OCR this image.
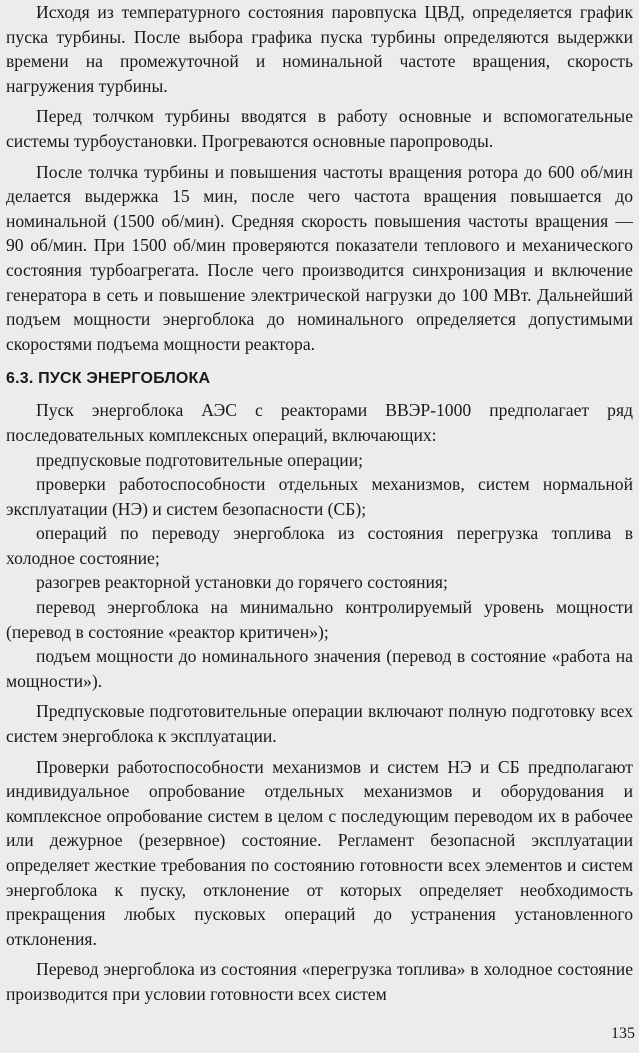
Исходя из температурного состояния паровпуска ЦВД, определяется график пуска турбины. После выбора графика пуска турбины определяются выдержки времени на промежуточной и номинальной частоте вращения, скорость нагружения турбины.

Перед толчком турбины вводятся в работу основные и вспомогательные системы турбоустановки. Прогреваются основные паропроводы.

После толчка турбины и повышения частоты вращения ротора до 600 об/мин делается выдержка 15 мин, после чего частота вращения повышается до номинальной (1500 об/мин). Средняя скорость повышения частоты вращения — 90 об/мин. При 1500 об/мин проверяются показатели теплового и механического состояния турбоагрегата. После чего производится синхронизация и включение генератора в сеть и повышение электрической нагрузки до 100 МВт. Дальнейший подъем мощности энергоблока до номинального определяется допустимыми скоростями подъема мощности реактора.

6.3. ПУСК ЭНЕРГОБЛОКА

Пуск энергоблока АЭС с реакторами ВВЭР-1000 предполагает ряд последовательных комплексных операций, включающих:

предпусковые подготовительные операции;

проверки работоспособности отдельных механизмов, систем нормальной эксплуатации (НЭ) и систем безопасности (СБ);

операций по переводу энергоблока из состояния перегрузка топлива в холодное состояние;

разогрев реакторной установки до горячего состояния;

перевод энергоблока на минимально контролируемый уровень мощности (перевод в состояние «реактор критичен»);

подъем мощности до номинального значения (перевод в состояние «работа на мощности»).

Предпусковые подготовительные операции включают полную подготовку всех систем энергоблока к эксплуатации.

Проверки работоспособности механизмов и систем НЭ и СБ предполагают индивидуальное опробование отдельных механизмов и оборудования и комплексное опробование систем в целом с последующим переводом их в рабочее или дежурное (резервное) состояние. Регламент безопасной эксплуатации определяет жесткие требования по состоянию готовности всех элементов и систем энергоблока к пуску, отклонение от которых определяет необходимость прекращения любых пусковых операций до устранения установленного отклонения.

Перевод энергоблока из состояния «перегрузка топлива» в холодное состояние производится при условии готовности всех систем

135
